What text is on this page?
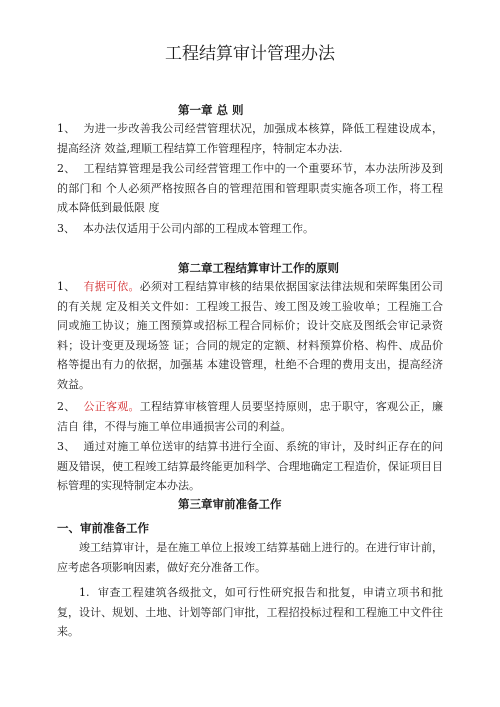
工程结算审计管理办法
第一章 总 则
1、 为进一步改善我公司经营管理状况，加强成本核算，降低工程建设成本，提高经济 效益,理顺工程结算工作管理程序，特制定本办法.
2、 工程结算管理是我公司经营管理工作中的一个重要环节，本办法所涉及到的部门和 个人必须严格按照各自的管理范围和管理职责实施各项工作，将工程成本降低到最低限 度
3、 本办法仅适用于公司内部的工程成本管理工作。
第二章工程结算审计工作的原则
1、 有据可依。必须对工程结算审核的结果依据国家法律法规和荣晖集团公司的有关规 定及相关文件如：工程竣工报告、竣工图及竣工验收单；工程施工合同或施工协议；施工图预算或招标工程合同标价；设计交底及图纸会审记录资料；设计变更及现场签 证；合同的规定的定额、材料预算价格、构件、成品价格等提出有力的依据，加强基 本建设管理，杜绝不合理的费用支出，提高经济效益。
2、 公正客观。工程结算审核管理人员要坚持原则，忠于职守，客观公正，廉洁自 律，不得与施工单位串通损害公司的利益。
3、 通过对施工单位送审的结算书进行全面、系统的审计，及时纠正存在的问题及错误，使工程竣工结算最终能更加科学、合理地确定工程造价，保证项目目标管理的实现特制定本办法。
第三章审前准备工作
一、审前准备工作
竣工结算审计，是在施工单位上报竣工结算基础上进行的。在进行审计前，应考虑各项影响因素，做好充分准备工作。
1. 审查工程建筑各级批文，如可行性研究报告和批复，申请立项书和批复，设计、规划、土地、计划等部门审批，工程招投标过程和工程施工中文件往来。
